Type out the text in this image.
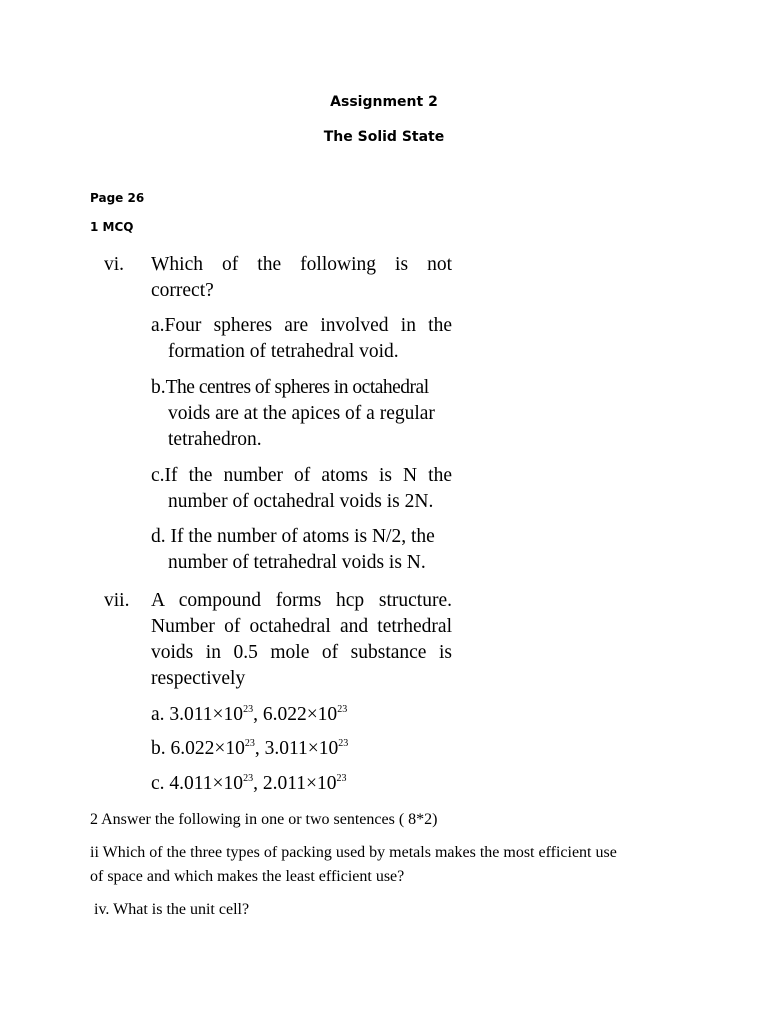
Assignment 2
The Solid State
Page 26
1 MCQ
vi. Which of the following is not
correct?
a.Four spheres are involved in the
formation of tetrahedral void.
b.The centres of spheres in octahedral
voids are at the apices of a regular
tetrahedron.
c.If the number of atoms is N the
number of octahedral voids is 2N.
d. If the number of atoms is N/2, the
number of tetrahedral voids is N.
vii. A compound forms hcp structure.
Number of octahedral and tetrhedral
voids in 0.5 mole of substance is
respectively
a. $3.011\times 10^{23}$, $6.022\times 10^{23}$
b. $6.022\times 10^{23}$, $3.011\times 10^{23}$
c. $4.011\times 10^{23}$, $2.011\times 10^{23}$
2 Answer the following in one or two sentences ( 8*2)
ii Which of the three types of packing used by metals makes the most efficient use
of space and which makes the least efficient use?
iv. What is the unit cell?
